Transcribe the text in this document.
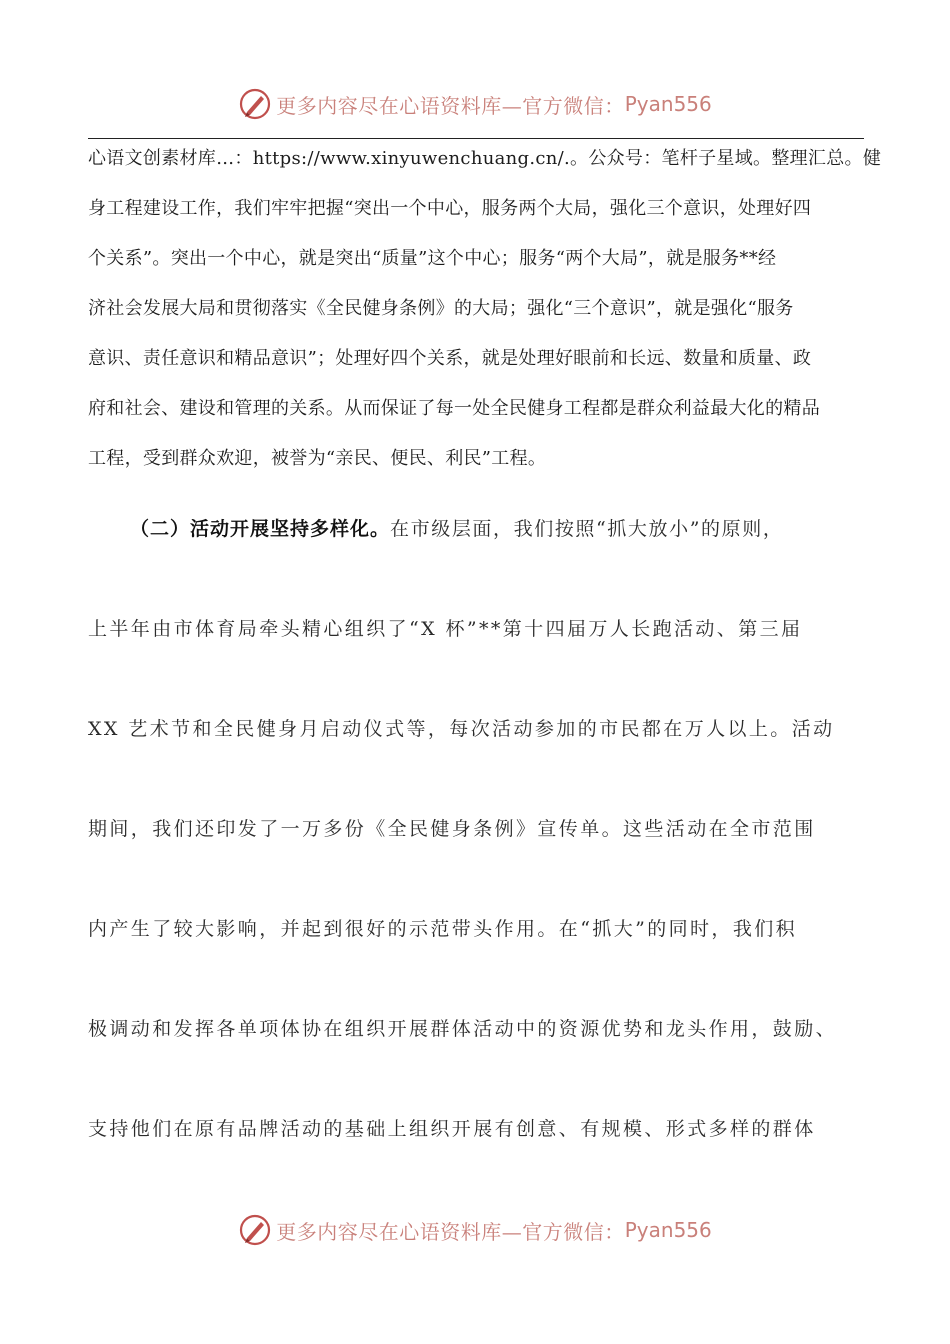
更多内容尽在心语资料库—官方微信： Pyan556
心语文创素材库…：https://www.xinyuwenchuang.cn/.。公众号：笔杆子星域。整理汇总。健
身工程建设工作，我们牢牢把握“突出一个中心，服务两个大局，强化三个意识，处理好四
个关系”。突出一个中心，就是突出“质量”这个中心；服务“两个大局”，就是服务**经
济社会发展大局和贯彻落实《全民健身条例》的大局；强化“三个意识”，就是强化“服务
意识、责任意识和精品意识”；处理好四个关系，就是处理好眼前和长远、数量和质量、政
府和社会、建设和管理的关系。从而保证了每一处全民健身工程都是群众利益最大化的精品
工程，受到群众欢迎，被誉为“亲民、便民、利民”工程。
（二）活动开展坚持多样化。在市级层面，我们按照“抓大放小”的原则，
上半年由市体育局牵头精心组织了“X 杯”**第十四届万人长跑活动、第三届
XX 艺术节和全民健身月启动仪式等，每次活动参加的市民都在万人以上。活动
期间，我们还印发了一万多份《全民健身条例》宣传单。这些活动在全市范围
内产生了较大影响，并起到很好的示范带头作用。在“抓大”的同时，我们积
极调动和发挥各单项体协在组织开展群体活动中的资源优势和龙头作用，鼓励、
支持他们在原有品牌活动的基础上组织开展有创意、有规模、形式多样的群体
更多内容尽在心语资料库—官方微信： Pyan556
